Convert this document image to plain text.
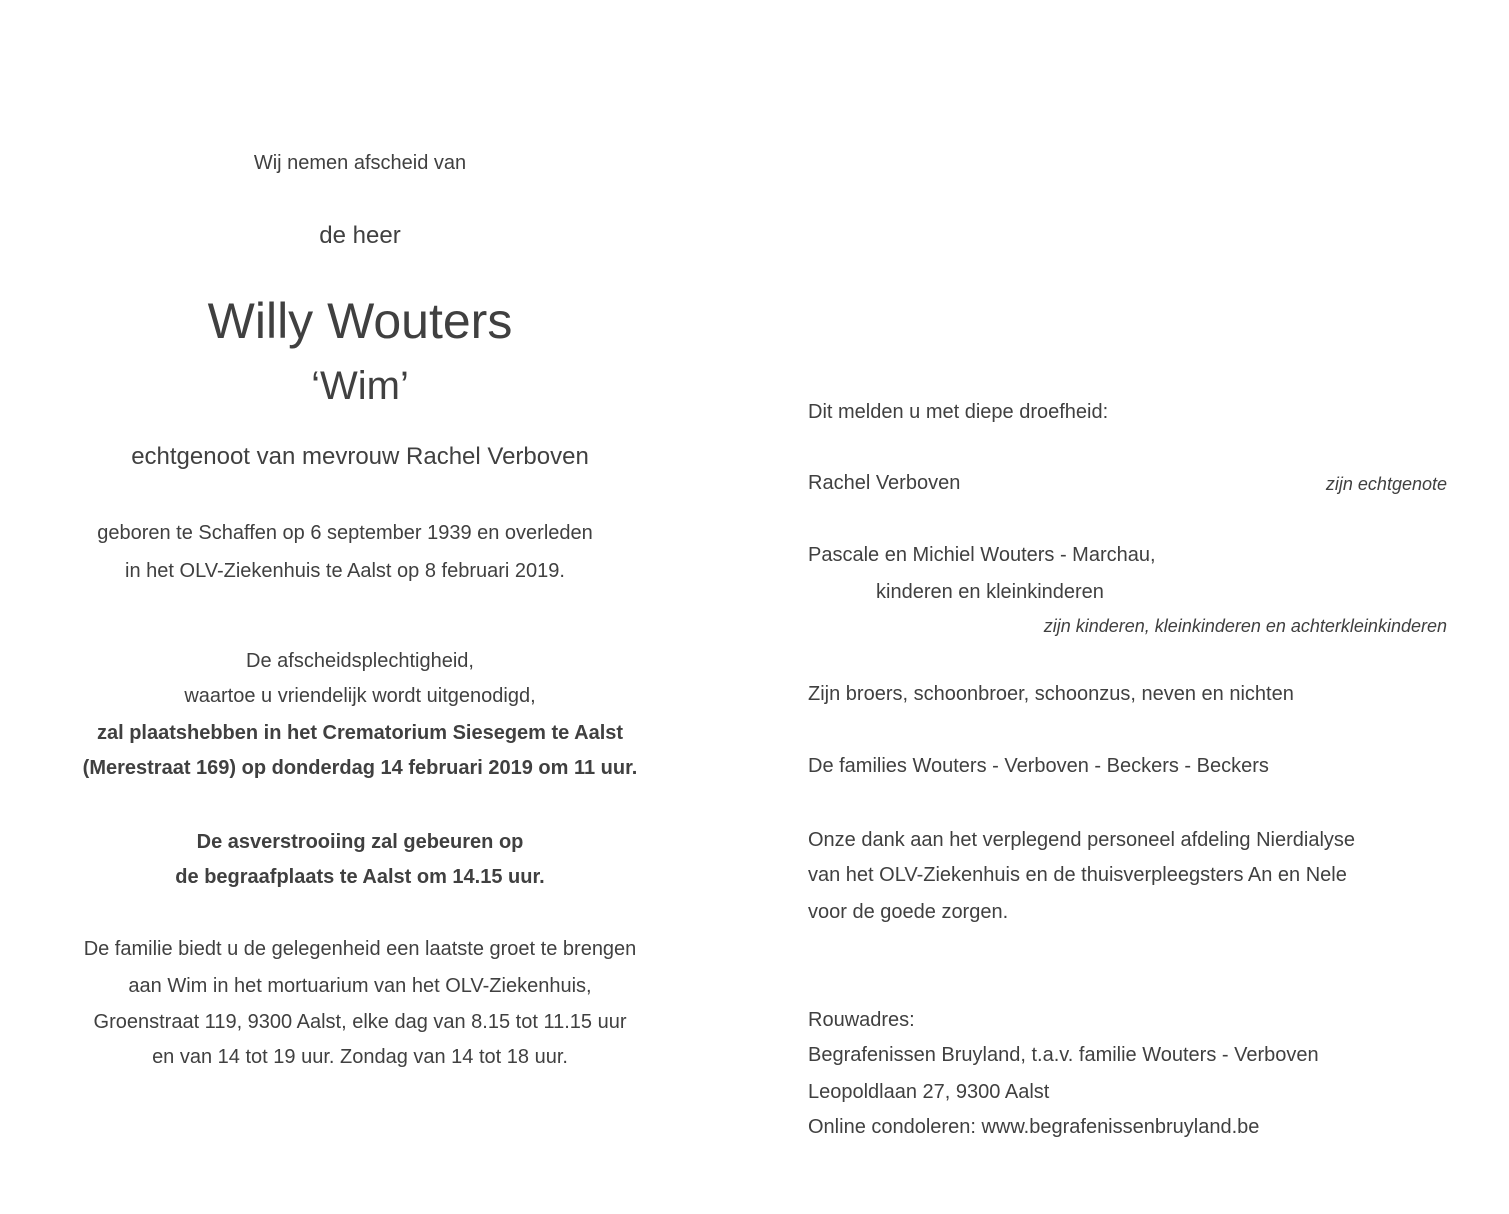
Wij nemen afscheid van
de heer
Willy Wouters
‘Wim’
echtgenoot van mevrouw Rachel Verboven
geboren te Schaffen op 6 september 1939 en overleden
in het OLV-Ziekenhuis te Aalst op 8 februari 2019.
De afscheidsplechtigheid,
waartoe u vriendelijk wordt uitgenodigd,
zal plaatshebben in het Crematorium Siesegem te Aalst
(Merestraat 169) op donderdag 14 februari 2019 om 11 uur.
De asverstrooiing zal gebeuren op
de begraafplaats te Aalst om 14.15 uur.
De familie biedt u de gelegenheid een laatste groet te brengen
aan Wim in het mortuarium van het OLV-Ziekenhuis,
Groenstraat 119, 9300 Aalst, elke dag van 8.15 tot 11.15 uur
en van 14 tot 19 uur. Zondag van 14 tot 18 uur.
Dit melden u met diepe droefheid:
Rachel Verboven	zijn echtgenote
Pascale en Michiel Wouters - Marchau,
kinderen en kleinkinderen
zijn kinderen, kleinkinderen en achterkleinkinderen
Zijn broers, schoonbroer, schoonzus, neven en nichten
De families Wouters - Verboven - Beckers - Beckers
Onze dank aan het verplegend personeel afdeling Nierdialyse
van het OLV-Ziekenhuis en de thuisverpleegsters An en Nele
voor de goede zorgen.
Rouwadres:
Begrafenissen Bruyland, t.a.v. familie Wouters - Verboven
Leopoldlaan 27, 9300 Aalst
Online condoleren: www.begrafenissenbruyland.be
